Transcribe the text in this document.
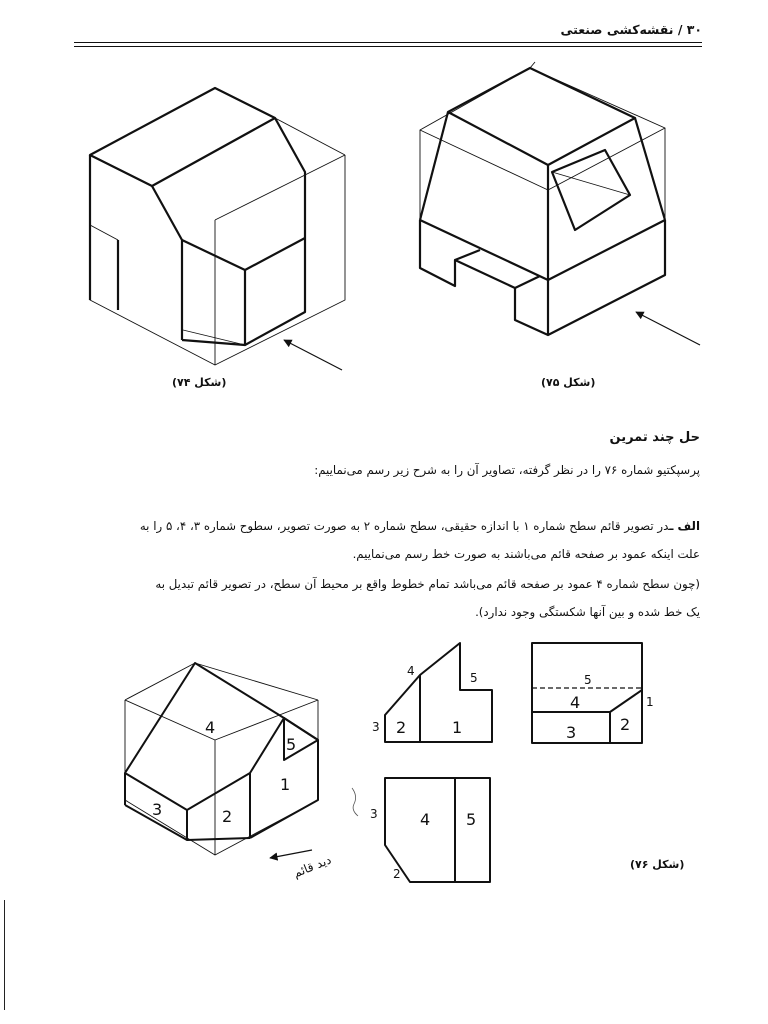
۳۰ / نقشه‌کشی صنعتی
4
5
1
3	2
دید قائم
4	5
3 2	1
5
4	1
3	2
3	4 5
2
(شکل ۷۴)	(شکل ۷۵)
(شکل ۷۶)
حل چند تمرین
پرسپکتیو شماره ۷۶ را در نظر گرفته، تصاویر آن را به شرح زیر رسم می‌نماییم:
الف ـدر تصویر قائم سطح شماره ۱ با اندازه حقیقی، سطح شماره ۲ به صورت تصویر، سطوح شماره ۳، ۴، ۵ را به
علت اینکه عمود بر صفحه قائم می‌باشند به صورت خط رسم می‌نماییم.
(چون سطح شماره ۴ عمود بر صفحه قائم می‌باشد تمام خطوط واقع بر محیط آن سطح، در تصویر قائم تبدیل به
یک خط شده و بین آنها شکستگی وجود ندارد).
